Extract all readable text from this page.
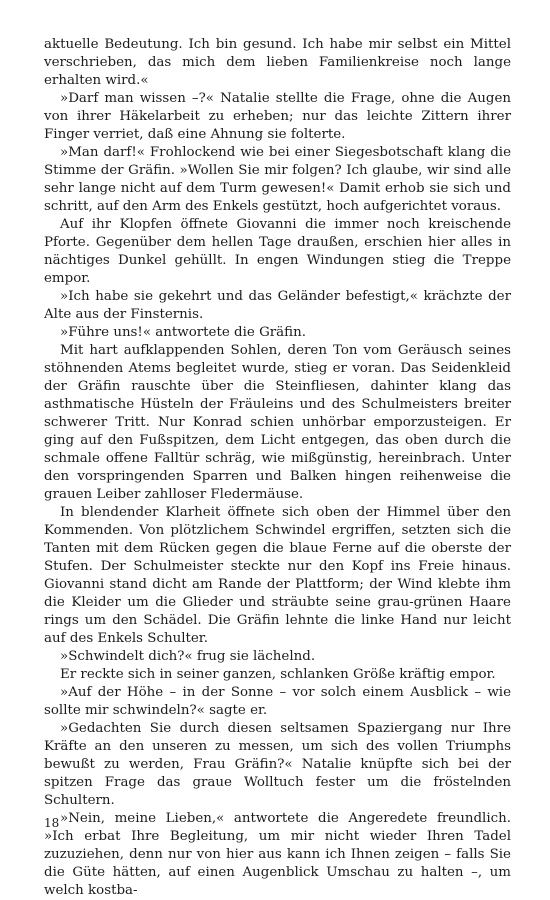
aktuelle Bedeutung. Ich bin gesund. Ich habe mir selbst ein Mittel verschrieben, das mich dem lieben Familienkreise noch lange erhalten wird.«

»Darf man wissen –?« Natalie stellte die Frage, ohne die Augen von ihrer Häkelarbeit zu erheben; nur das leichte Zittern ihrer Finger verriet, daß eine Ahnung sie folterte.

»Man darf!« Frohlockend wie bei einer Siegesbotschaft klang die Stimme der Gräfin. »Wollen Sie mir folgen? Ich glaube, wir sind alle sehr lange nicht auf dem Turm gewesen!« Damit erhob sie sich und schritt, auf den Arm des Enkels gestützt, hoch aufgerichtet voraus.

Auf ihr Klopfen öffnete Giovanni die immer noch kreischende Pforte. Gegenüber dem hellen Tage draußen, erschien hier alles in nächtiges Dunkel gehüllt. In engen Windungen stieg die Treppe empor.

»Ich habe sie gekehrt und das Geländer befestigt,« krächzte der Alte aus der Finsternis.

»Führe uns!« antwortete die Gräfin.

Mit hart aufklappenden Sohlen, deren Ton vom Geräusch seines stöhnenden Atems begleitet wurde, stieg er voran. Das Seidenkleid der Gräfin rauschte über die Steinfliesen, dahinter klang das asthmatische Hüsteln der Fräuleins und des Schulmeisters breiter schwerer Tritt. Nur Konrad schien unhörbar emporzusteigen. Er ging auf den Fußspitzen, dem Licht entgegen, das oben durch die schmale offene Falltür schräg, wie mißgünstig, hereinbrach. Unter den vorspringenden Sparren und Balken hingen reihenweise die grauen Leiber zahlloser Fledermäuse.

In blendender Klarheit öffnete sich oben der Himmel über den Kommenden. Von plötzlichem Schwindel ergriffen, setzten sich die Tanten mit dem Rücken gegen die blaue Ferne auf die oberste der Stufen. Der Schulmeister steckte nur den Kopf ins Freie hinaus. Giovanni stand dicht am Rande der Plattform; der Wind klebte ihm die Kleider um die Glieder und sträubte seine grau-grünen Haare rings um den Schädel. Die Gräfin lehnte die linke Hand nur leicht auf des Enkels Schulter.

»Schwindelt dich?« frug sie lächelnd.

Er reckte sich in seiner ganzen, schlanken Größe kräftig empor.

»Auf der Höhe – in der Sonne – vor solch einem Ausblick – wie sollte mir schwindeln?« sagte er.

»Gedachten Sie durch diesen seltsamen Spaziergang nur Ihre Kräfte an den unseren zu messen, um sich des vollen Triumphs bewußt zu werden, Frau Gräfin?« Natalie knüpfte sich bei der spitzen Frage das graue Wolltuch fester um die fröstelnden Schultern.

»Nein, meine Lieben,« antwortete die Angeredete freundlich. »Ich erbat Ihre Begleitung, um mir nicht wieder Ihren Tadel zuzuziehen, denn nur von hier aus kann ich Ihnen zeigen – falls Sie die Güte hätten, auf einen Augenblick Umschau zu halten –, um welch kostba-

18
